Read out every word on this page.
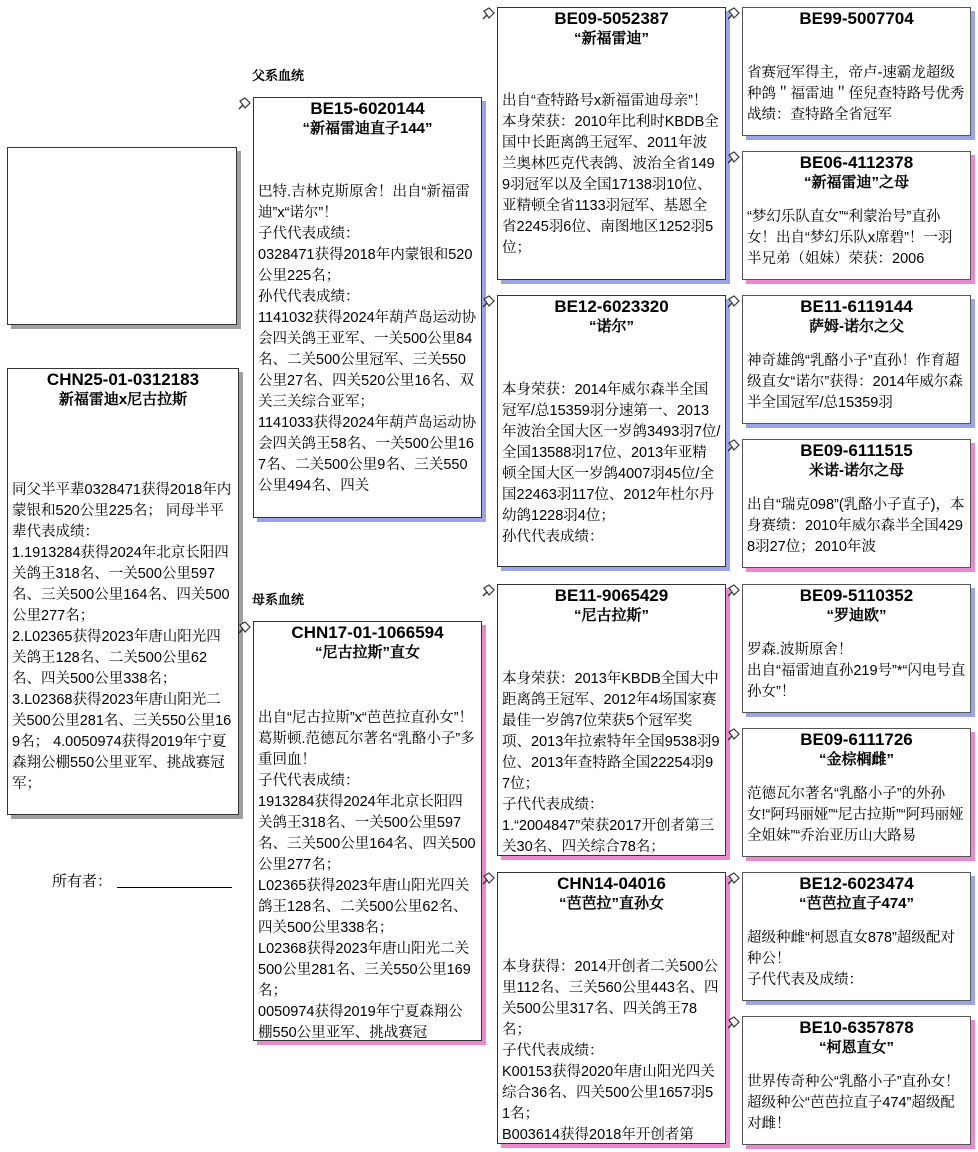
CHN25-01-0312183
新福雷迪x尼古拉斯
同父半平辈0328471获得2018年内蒙银和520公里225名； 同母半平辈代表成绩：
1.1913284获得2024年北京长阳四关鸽王318名、一关500公里597名、三关500公里164名、四关500公里277名；
2.L02365获得2023年唐山阳光四关鸽王128名、二关500公里62名、四关500公里338名；
3.L02368获得2023年唐山阳光二关500公里281名、三关550公里169名； 4.0050974获得2019年宁夏森翔公棚550公里亚军、挑战赛冠军；
父系血统
母系血统
所有者：
BE15-6020144
“新福雷迪直子144”
巴特.吉林克斯原舍！出自“新福雷迪”x“诺尔”！
子代代表成绩：
0328471获得2018年内蒙银和520公里225名；
孙代代表成绩：
1141032获得2024年葫芦岛运动协会四关鸽王亚军、一关500公里84名、二关500公里冠军、三关550公里27名、四关520公里16名、双关三关综合亚军；
1141033获得2024年葫芦岛运动协会四关鸽王58名、一关500公里167名、二关500公里9名、三关550公里494名、四关
CHN17-01-1066594
“尼古拉斯”直女
出自“尼古拉斯”x“芭芭拉直孙女”！葛斯顿.范德瓦尔著名“乳酪小子”多重回血！
子代代表成绩：
1913284获得2024年北京长阳四关鸽王318名、一关500公里597名、三关500公里164名、四关500公里277名；
L02365获得2023年唐山阳光四关鸽王128名、二关500公里62名、四关500公里338名；
L02368获得2023年唐山阳光二关500公里281名、三关550公里169名；
0050974获得2019年宁夏森翔公棚550公里亚军、挑战赛冠
BE09-5052387
“新福雷迪”
出自“查特路号x新福雷迪母亲”！
本身荣获：2010年比利时KBDB全国中长距离鸽王冠军、2011年波兰奥林匹克代表鸽、波治全省1499羽冠军以及全国17138羽10位、亚精顿全省1133羽冠军、基恩全省2245羽6位、南图地区1252羽5位；
BE12-6023320
“诺尔”
本身荣获：2014年威尔森半全国冠军/总15359羽分速第一、2013年波治全国大区一岁鸽3493羽7位/全国13588羽17位、2013年亚精顿全国大区一岁鸽4007羽45位/全国22463羽117位、2012年杜尔丹幼鸽1228羽4位；
孙代代表成绩：
BE11-9065429
“尼古拉斯”
本身荣获：2013年KBDB全国大中距离鸽王冠军、2012年4场国家赛最佳一岁鸽7位荣获5个冠军奖项、2013年拉索特年全国9538羽9位、2013年查特路全国22254羽97位；
子代代表成绩：
1.“2004847”荣获2017开创者第三关30名、四关综合78名；
CHN14-04016
“芭芭拉”直孙女
本身获得：2014开创者二关500公里112名、三关560公里443名、四关500公里317名、四关鸽王78名；
子代代表成绩：
K00153获得2020年唐山阳光四关综合36名、四关500公里1657羽51名；
B003614获得2018年开创者第
BE99-5007704
省赛冠军得主，帝卢-速霸龙超级种鸽＂福雷迪＂侄兒查特路号优秀战绩：查特路全省冠军
BE06-4112378
“新福雷迪”之母
“梦幻乐队直女”“利蒙治号”直孙女！出自“梦幻乐队x席碧”！一羽半兄弟（姐妹）荣获：2006
BE11-6119144
萨姆-诺尔之父
神奇雄鸽“乳酪小子”直孙！作育超级直女“诺尔”获得：2014年威尔森半全国冠军/总15359羽
BE09-6111515
米诺-诺尔之母
出自“瑞克098”(乳酪小子直子)，本身赛绩：2010年威尔森半全国4298羽27位；2010年波
BE09-5110352
“罗迪欧”
罗森.波斯原舍！
出自“福雷迪直孙219号”*“闪电号直孙女”！
BE09-6111726
“金棕榈雌”
范德瓦尔著名“乳酪小子”的外孙女!“阿玛丽娅”“尼古拉斯”“阿玛丽娅全姐妹”“乔治亚历山大路易
BE12-6023474
“芭芭拉直子474”
超级种雌“柯恩直女878”超级配对种公！
子代代表及成绩：
BE10-6357878
“柯恩直女”
世界传奇种公“乳酪小子”直孙女！超级种公“芭芭拉直子474”超级配对雌！
